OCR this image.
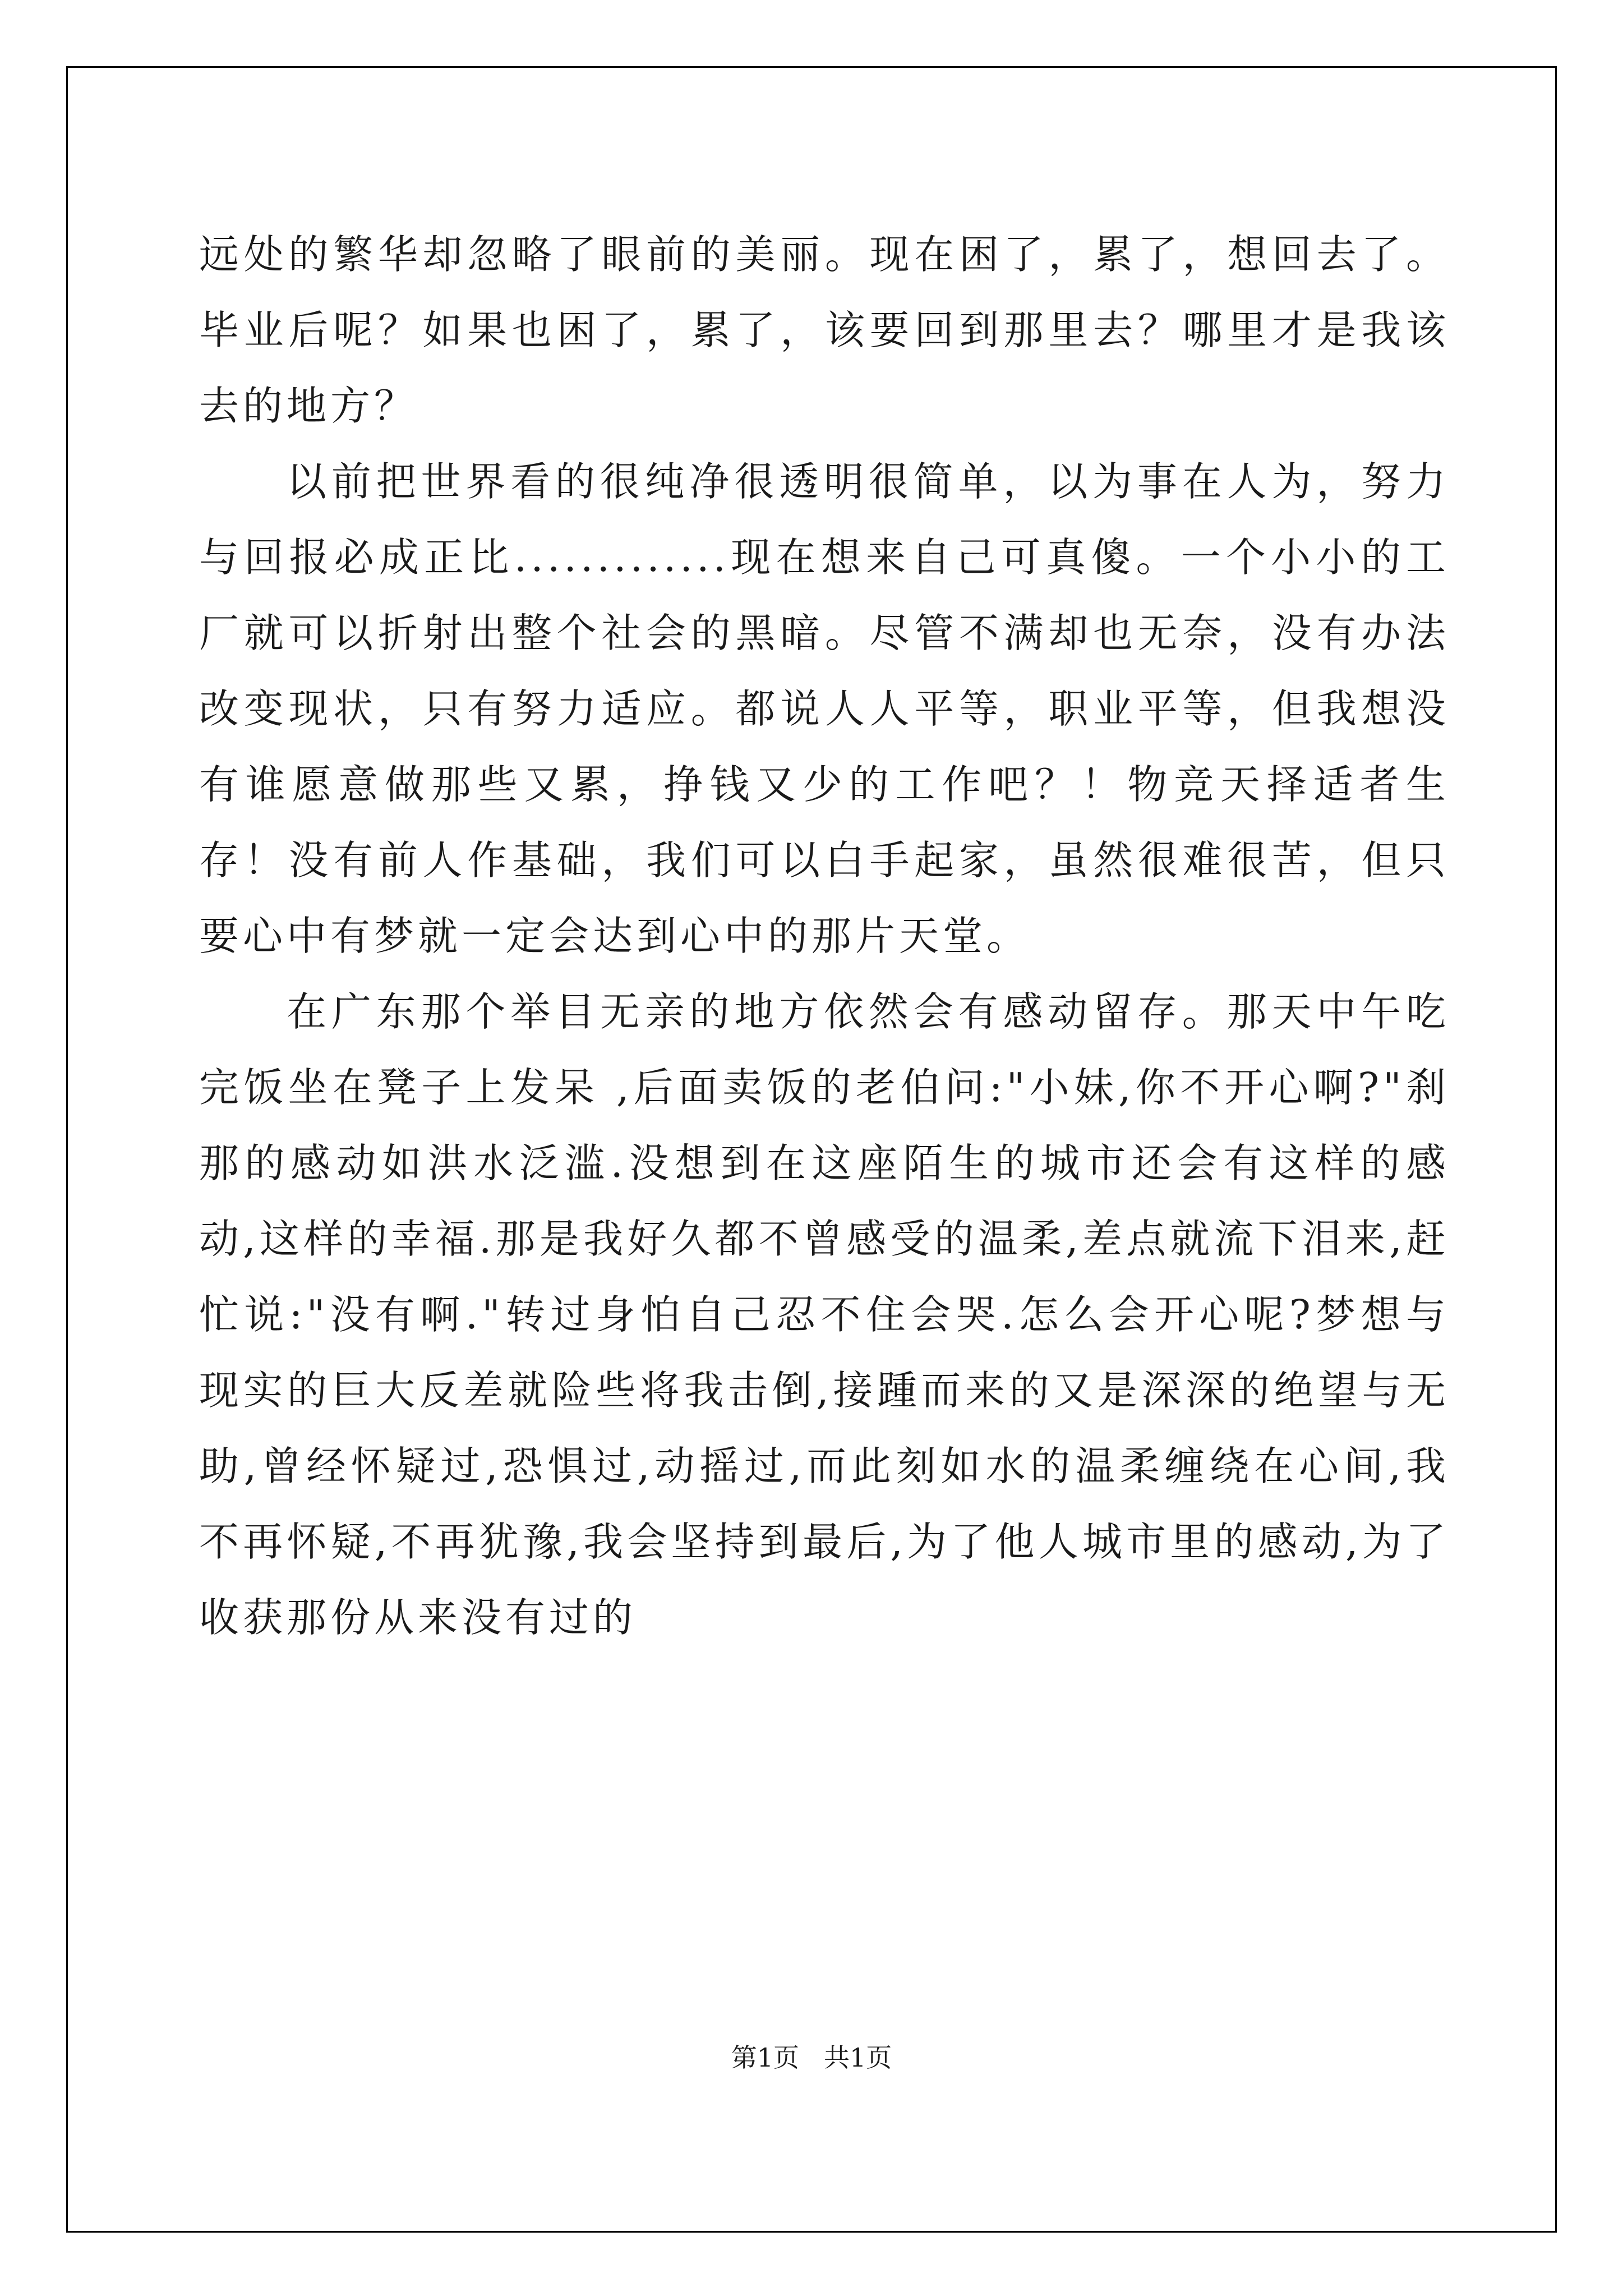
远处的繁华却忽略了眼前的美丽。现在困了，累了，想回去了。毕业后呢？如果也困了，累了，该要回到那里去？哪里才是我该去的地方？

以前把世界看的很纯净很透明很简单，以为事在人为，努力与回报必成正比.............现在想来自己可真傻。一个小小的工厂就可以折射出整个社会的黑暗。尽管不满却也无奈，没有办法改变现状，只有努力适应。都说人人平等，职业平等，但我想没有谁愿意做那些又累，挣钱又少的工作吧？！物竞天择适者生存！没有前人作基础，我们可以白手起家，虽然很难很苦，但只要心中有梦就一定会达到心中的那片天堂。

在广东那个举目无亲的地方依然会有感动留存。那天中午吃完饭坐在凳子上发呆 ,后面卖饭的老伯问:"小妹,你不开心啊?"刹那的感动如洪水泛滥.没想到在这座陌生的城市还会有这样的感动,这样的幸福.那是我好久都不曾感受的温柔,差点就流下泪来,赶忙说:"没有啊."转过身怕自己忍不住会哭.怎么会开心呢?梦想与现实的巨大反差就险些将我击倒,接踵而来的又是深深的绝望与无助,曾经怀疑过,恐惧过,动摇过,而此刻如水的温柔缠绕在心间,我不再怀疑,不再犹豫,我会坚持到最后,为了他人城市里的感动,为了收获那份从来没有过的

第1页 共1页
